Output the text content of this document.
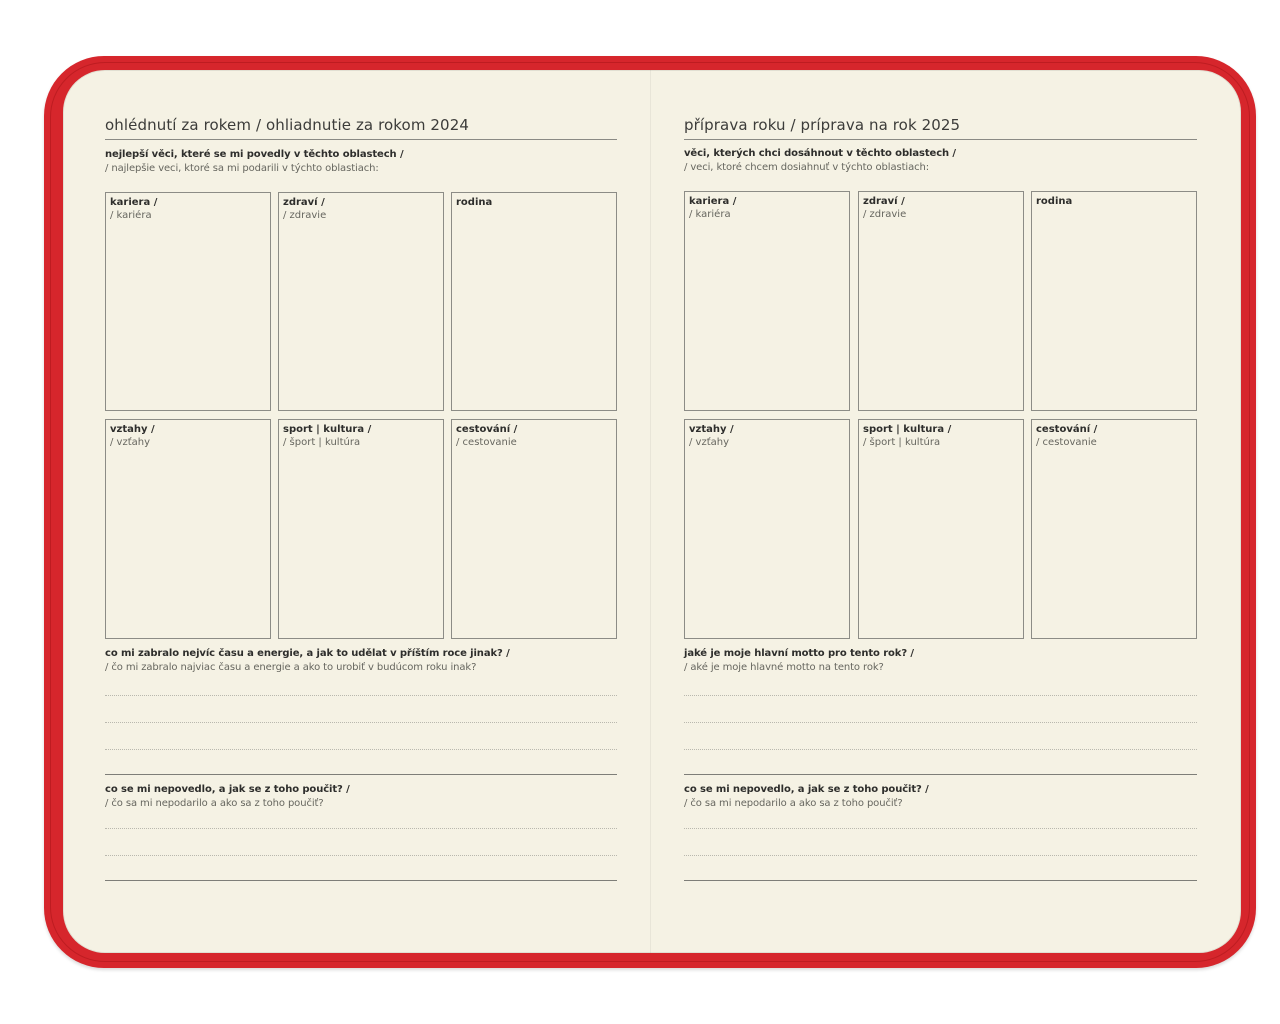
ohlédnutí za rokem / ohliadnutie za rokom 2024
nejlepší věci, které se mi povedly v těchto oblastech /
/ najlepšie veci, ktoré sa mi podarili v týchto oblastiach:
kariera /
/ kariéra
zdraví /
/ zdravie
rodina
vztahy /
/ vzťahy
sport | kultura /
/ šport | kultúra
cestování /
/ cestovanie
co mi zabralo nejvíc času a energie, a jak to udělat v příštím roce jinak? /
/ čo mi zabralo najviac času a energie a ako to urobiť v budúcom roku inak?
co se mi nepovedlo, a jak se z toho poučit? /
/ čo sa mi nepodarilo a ako sa z toho poučiť?
příprava roku / príprava na rok 2025
věci, kterých chci dosáhnout v těchto oblastech /
/ veci, ktoré chcem dosiahnuť v týchto oblastiach:
kariera /
/ kariéra
zdraví /
/ zdravie
rodina
vztahy /
/ vzťahy
sport | kultura /
/ šport | kultúra
cestování /
/ cestovanie
jaké je moje hlavní motto pro tento rok? /
/ aké je moje hlavné motto na tento rok?
co se mi nepovedlo, a jak se z toho poučit? /
/ čo sa mi nepodarilo a ako sa z toho poučiť?
